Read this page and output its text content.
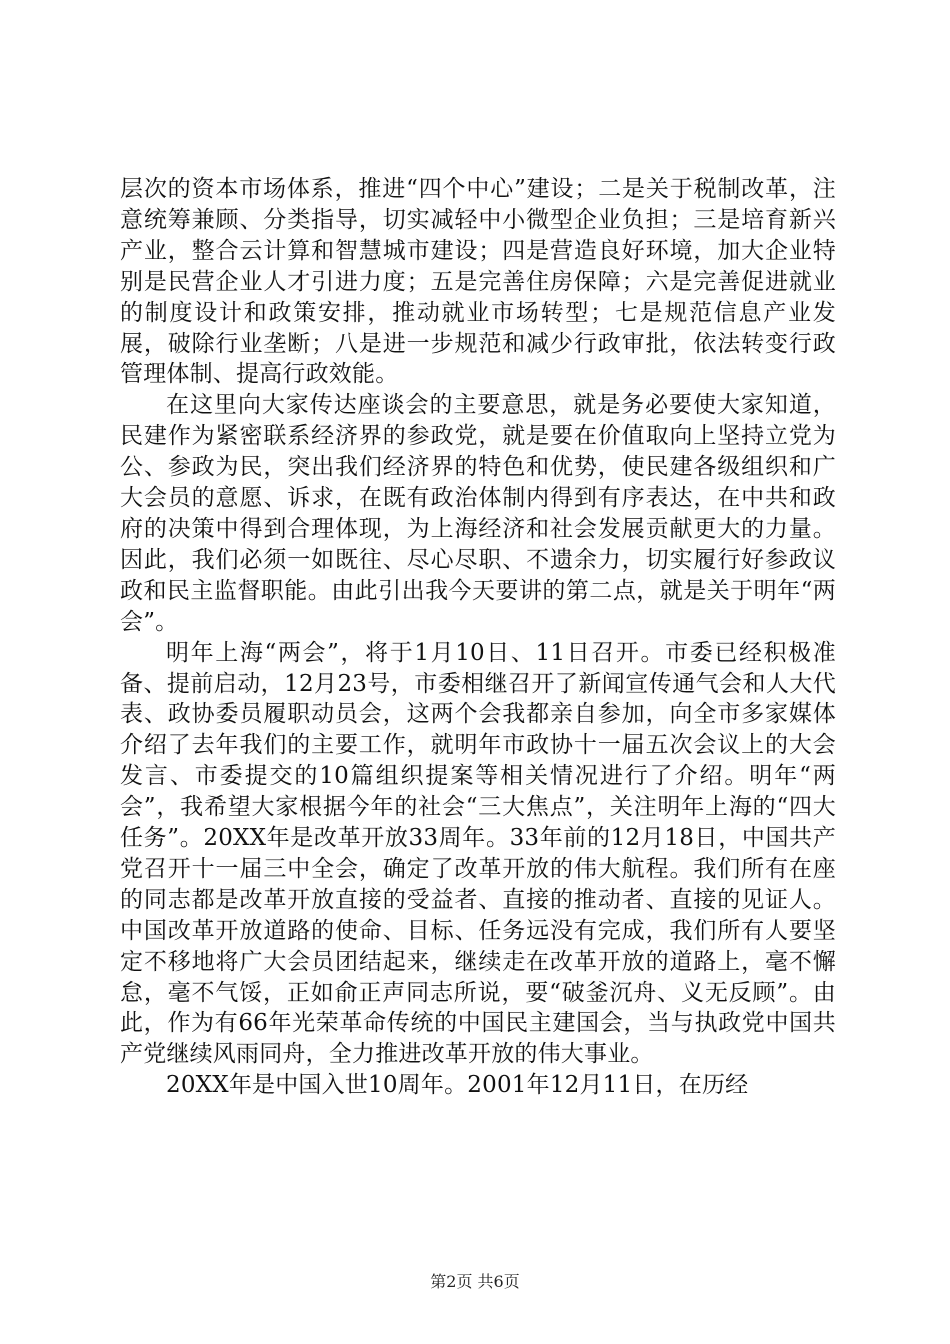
层次的资本市场体系，推进“四个中心”建设；二是关于税制改革，注意统筹兼顾、分类指导，切实减轻中小微型企业负担；三是培育新兴产业，整合云计算和智慧城市建设；四是营造良好环境，加大企业特别是民营企业人才引进力度；五是完善住房保障；六是完善促进就业的制度设计和政策安排，推动就业市场转型；七是规范信息产业发展，破除行业垄断；八是进一步规范和减少行政审批，依法转变行政管理体制、提高行政效能。

在这里向大家传达座谈会的主要意思，就是务必要使大家知道，民建作为紧密联系经济界的参政党，就是要在价值取向上坚持立党为公、参政为民，突出我们经济界的特色和优势，使民建各级组织和广大会员的意愿、诉求，在既有政治体制内得到有序表达，在中共和政府的决策中得到合理体现，为上海经济和社会发展贡献更大的力量。因此，我们必须一如既往、尽心尽职、不遗余力，切实履行好参政议政和民主监督职能。由此引出我今天要讲的第二点，就是关于明年“两会”。

明年上海“两会”，将于1月10日、11日召开。市委已经积极准备、提前启动，12月23号，市委相继召开了新闻宣传通气会和人大代表、政协委员履职动员会，这两个会我都亲自参加，向全市多家媒体介绍了去年我们的主要工作，就明年市政协十一届五次会议上的大会发言、市委提交的10篇组织提案等相关情况进行了介绍。明年“两会”，我希望大家根据今年的社会“三大焦点”，关注明年上海的“四大任务”。20XX年是改革开放33周年。33年前的12月18日，中国共产党召开十一届三中全会，确定了改革开放的伟大航程。我们所有在座的同志都是改革开放直接的受益者、直接的推动者、直接的见证人。中国改革开放道路的使命、目标、任务远没有完成，我们所有人要坚定不移地将广大会员团结起来，继续走在改革开放的道路上，毫不懈怠，毫不气馁，正如俞正声同志所说，要“破釜沉舟、义无反顾”。由此，作为有66年光荣革命传统的中国民主建国会，当与执政党中国共产党继续风雨同舟，全力推进改革开放的伟大事业。

20XX年是中国入世10周年。2001年12月11日，在历经

第2页 共6页
